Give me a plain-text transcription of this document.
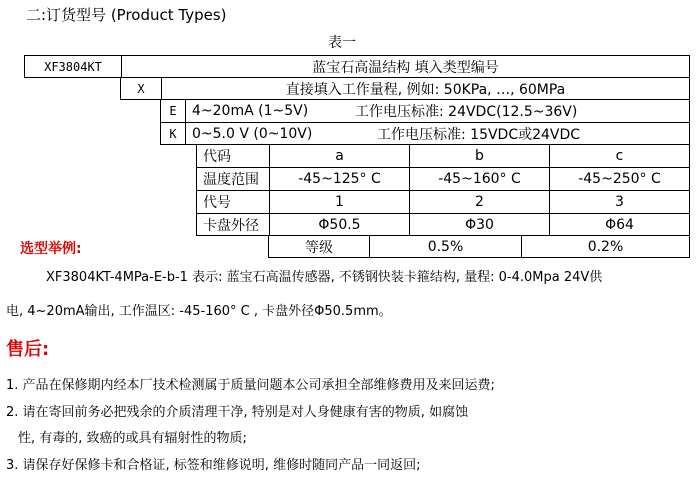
二:订货型号 (Product Types)
表一
XF3804KT	蓝宝石高温结构 填入类型编号
X	直接填入工作量程, 例如: 50KPa, …, 60MPa
E	4~20mA (1~5V)	工作电压标准: 24VDC(12.5~36V)
K	0~5.0 V (0~10V)	工作电压标准: 15VDC或24VDC
代码	a	b	c
温度范围	-45~125° C	-45~160° C	-45~250° C
代号	1	2	3
卡盘外径	Φ50.5	Φ30	Φ64
等级	0.5%	0.2%
选型举例:
XF3804KT-4MPa-E-b-1 表示: 蓝宝石高温传感器, 不锈钢快装卡箍结构, 量程: 0-4.0Mpa 24V供
电, 4~20mA输出, 工作温区: -45-160° C , 卡盘外径Φ50.5mm。
售后:
1. 产品在保修期内经本厂技术检测属于质量问题本公司承担全部维修费用及来回运费;
2. 请在寄回前务必把残余的介质清理干净, 特别是对人身健康有害的物质, 如腐蚀
性, 有毒的, 致癌的或具有辐射性的物质;
3. 请保存好保修卡和合格证, 标签和维修说明, 维修时随同产品一同返回;
